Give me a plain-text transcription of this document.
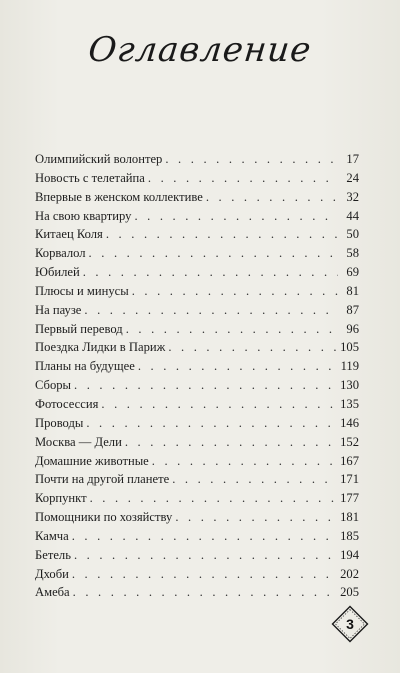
Оглавление
Олимпийский волонтер . . .	17
Новость с телетайпа . . .	24
Впервые в женском коллективе . . .	32
На свою квартиру . . .	44
Китаец Коля . . .	50
Корвалол . . .	58
Юбилей . . .	69
Плюсы и минусы . . .	81
На паузе . . .	87
Первый перевод . . .	96
Поездка Лидки в Париж . . .	105
Планы на будущее . . .	119
Сборы . . .	130
Фотосессия . . .	135
Проводы . . .	146
Москва — Дели . . .	152
Домашние животные . . .	167
Почти на другой планете . . .	171
Корпункт . . .	177
Помощники по хозяйству . . .	181
Камча . . .	185
Бетель . . .	194
Дхоби . . .	202
Амеба . . .	205
3
